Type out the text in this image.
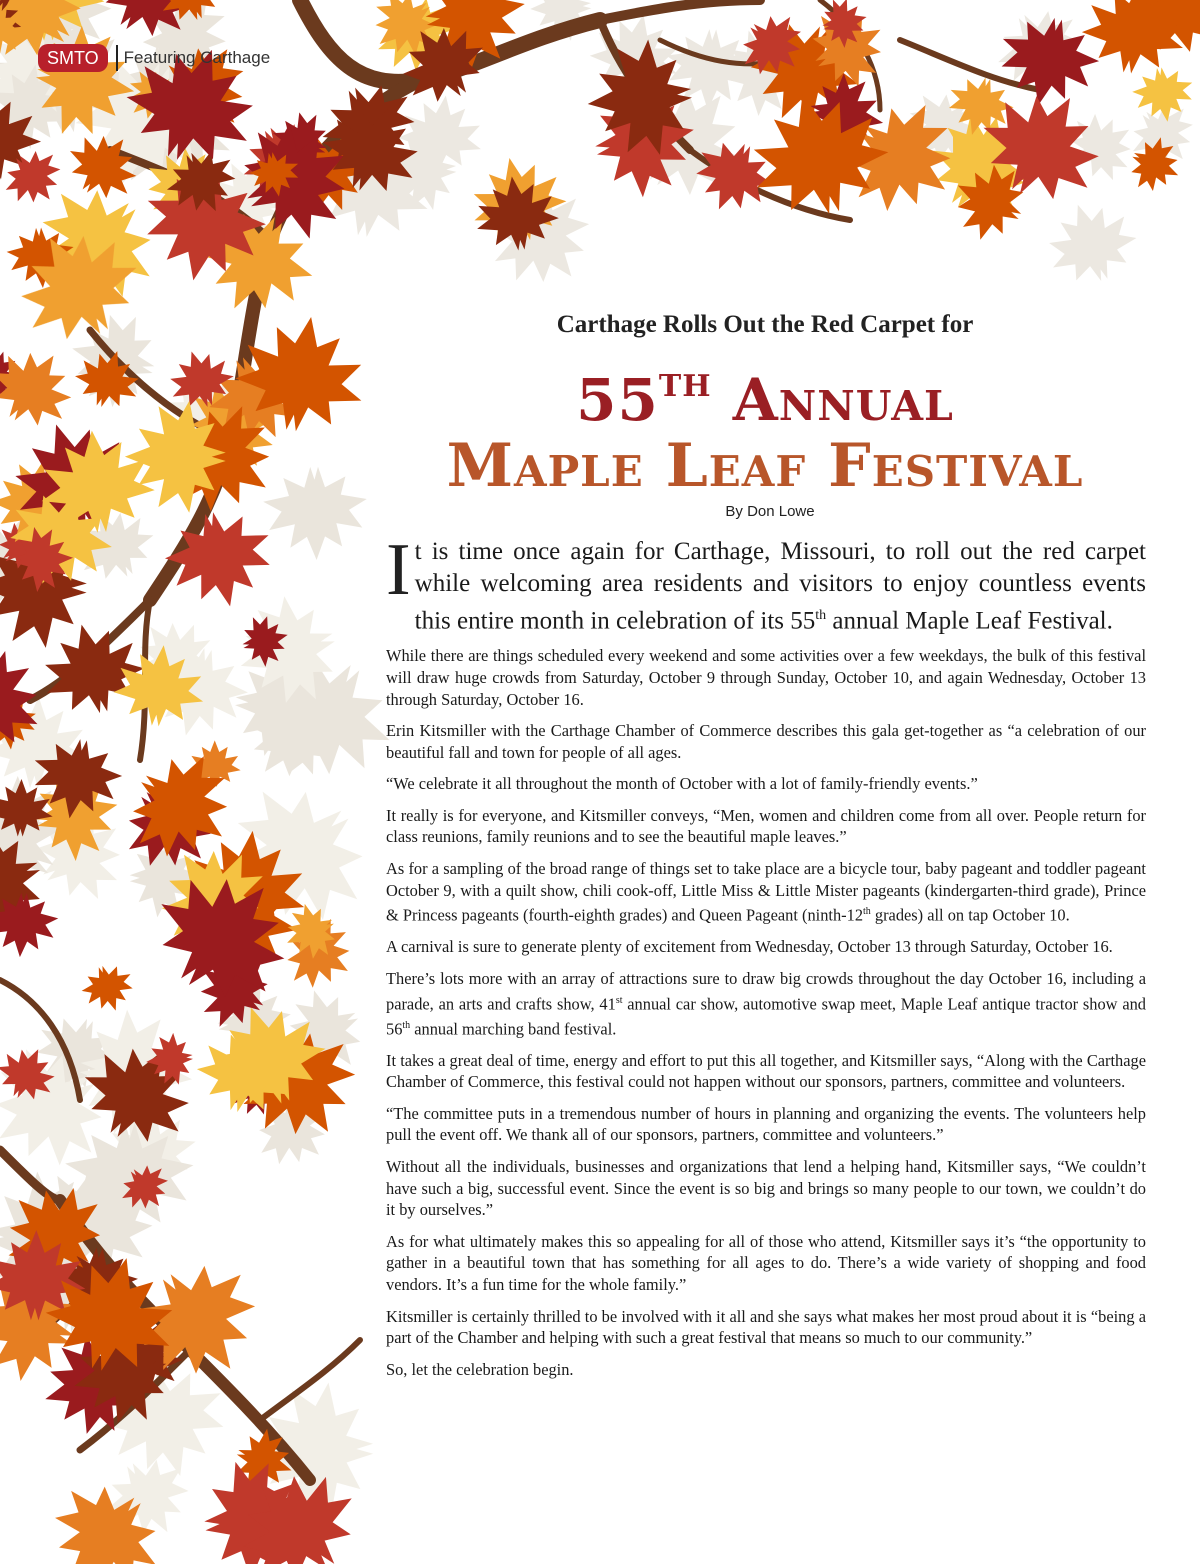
SMTO	Featuring Carthage
Carthage Rolls Out the Red Carpet for
55TH Annual
Maple Leaf Festival
By Don Lowe

It is time once again for Carthage, Missouri, to roll out the red carpet while welcoming area residents and visitors to enjoy countless events this entire month in celebration of its 55th annual Maple Leaf Festival.

While there are things scheduled every weekend and some activities over a few weekdays, the bulk of this festival will draw huge crowds from Saturday, October 9 through Sunday, October 10, and again Wednesday, October 13 through Saturday, October 16.

Erin Kitsmiller with the Carthage Chamber of Commerce describes this gala get-together as “a celebration of our beautiful fall and town for people of all ages.

“We celebrate it all throughout the month of October with a lot of family-friendly events.”

It really is for everyone, and Kitsmiller conveys, “Men, women and children come from all over. People return for class reunions, family reunions and to see the beautiful maple leaves.”

As for a sampling of the broad range of things set to take place are a bicycle tour, baby pageant and toddler pageant October 9, with a quilt show, chili cook-off, Little Miss & Little Mister pageants (kindergarten-third grade), Prince & Princess pageants (fourth-eighth grades) and Queen Pageant (ninth-12th grades) all on tap October 10.

A carnival is sure to generate plenty of excitement from Wednesday, October 13 through Saturday, October 16.

There’s lots more with an array of attractions sure to draw big crowds throughout the day October 16, including a parade, an arts and crafts show, 41st annual car show, automotive swap meet, Maple Leaf antique tractor show and 56th annual marching band festival.

It takes a great deal of time, energy and effort to put this all together, and Kitsmiller says, “Along with the Carthage Chamber of Commerce, this festival could not happen without our sponsors, partners, committee and volunteers.

“The committee puts in a tremendous number of hours in planning and organizing the events. The volunteers help pull the event off. We thank all of our sponsors, partners, committee and volunteers.”

Without all the individuals, businesses and organizations that lend a helping hand, Kitsmiller says, “We couldn’t have such a big, successful event. Since the event is so big and brings so many people to our town, we couldn’t do it by ourselves.”

As for what ultimately makes this so appealing for all of those who attend, Kitsmiller says it’s “the opportunity to gather in a beautiful town that has something for all ages to do. There’s a wide variety of shopping and food vendors. It’s a fun time for the whole family.”

Kitsmiller is certainly thrilled to be involved with it all and she says what makes her most proud about it is “being a part of the Chamber and helping with such a great festival that means so much to our community.”

So, let the celebration begin.
